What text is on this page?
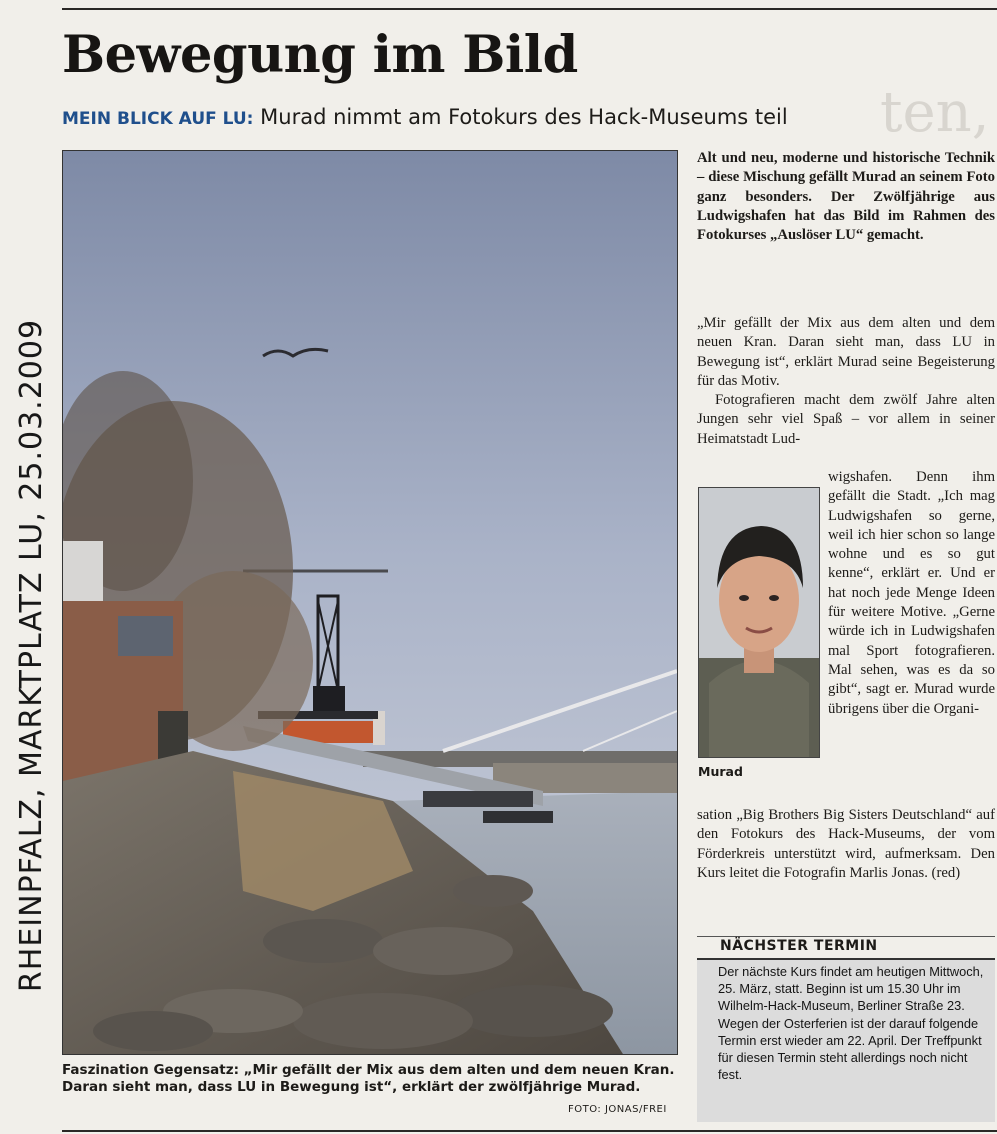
ten,
RHEINPFALZ, MARKTPLATZ LU, 25.03.2009
Bewegung im Bild
MEIN BLICK AUF LU: Murad nimmt am Fotokurs des Hack-Museums teil
Faszination Gegensatz: „Mir gefällt der Mix aus dem alten und dem neuen Kran. Daran sieht man, dass LU in Bewegung ist“, erklärt der zwölfjährige Murad.
FOTO: JONAS/FREI
Alt und neu, moderne und historische Technik – diese Mischung gefällt Murad an seinem Foto ganz besonders. Der Zwölfjährige aus Ludwigshafen hat das Bild im Rahmen des Fotokurses „Auslöser LU“ gemacht.

„Mir gefällt der Mix aus dem alten und dem neuen Kran. Daran sieht man, dass LU in Bewegung ist“, erklärt Murad seine Begeisterung für das Motiv.

Fotografieren macht dem zwölf Jahre alten Jungen sehr viel Spaß – vor allem in seiner Heimatstadt Lud-

Murad
wigshafen. Denn ihm gefällt die Stadt. „Ich mag Ludwigshafen so gerne, weil ich hier schon so lange wohne und es so gut kenne“, erklärt er. Und er hat noch jede Menge Ideen für weitere Motive. „Gerne würde ich in Ludwigshafen mal Sport fotografieren. Mal sehen, was es da so gibt“, sagt er. Murad wurde übrigens über die Organi-
sation „Big Brothers Big Sisters Deutschland“ auf den Fotokurs des Hack-Museums, der vom Förderkreis unterstützt wird, aufmerksam. Den Kurs leitet die Fotografin Marlis Jonas. (red)
NÄCHSTER TERMIN
Der nächste Kurs findet am heutigen Mittwoch, 25. März, statt. Beginn ist um 15.30 Uhr im Wilhelm-Hack-Museum, Berliner Straße 23. Wegen der Osterferien ist der darauf folgende Termin erst wieder am 22. April. Der Treffpunkt für diesen Termin steht allerdings noch nicht fest.
